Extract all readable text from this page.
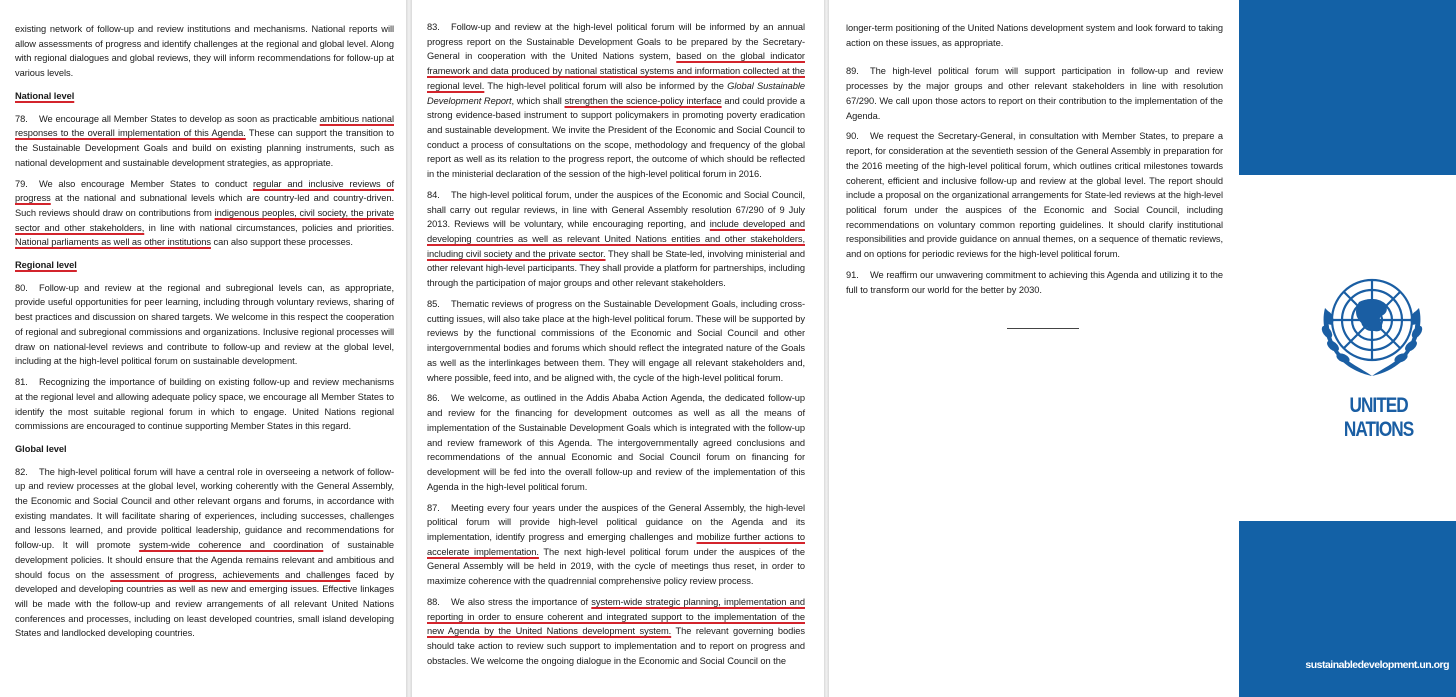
existing network of follow-up and review institutions and mechanisms. National reports will allow assessments of progress and identify challenges at the regional and global level. Along with regional dialogues and global reviews, they will inform recommendations for follow-up at various levels.

National level

78. We encourage all Member States to develop as soon as practicable ambitious national responses to the overall implementation of this Agenda. These can support the transition to the Sustainable Development Goals and build on existing planning instruments, such as national development and sustainable development strategies, as appropriate.

79. We also encourage Member States to conduct regular and inclusive reviews of progress at the national and subnational levels which are country-led and country-driven. Such reviews should draw on contributions from indigenous peoples, civil society, the private sector and other stakeholders, in line with national circumstances, policies and priorities. National parliaments as well as other institutions can also support these processes.

Regional level

80. Follow-up and review at the regional and subregional levels can, as appropriate, provide useful opportunities for peer learning, including through voluntary reviews, sharing of best practices and discussion on shared targets. We welcome in this respect the cooperation of regional and subregional commissions and organizations. Inclusive regional processes will draw on national-level reviews and contribute to follow-up and review at the global level, including at the high-level political forum on sustainable development.

81. Recognizing the importance of building on existing follow-up and review mechanisms at the regional level and allowing adequate policy space, we encourage all Member States to identify the most suitable regional forum in which to engage. United Nations regional commissions are encouraged to continue supporting Member States in this regard.

Global level

82. The high-level political forum will have a central role in overseeing a network of follow-up and review processes at the global level, working coherently with the General Assembly, the Economic and Social Council and other relevant organs and forums, in accordance with existing mandates. It will facilitate sharing of experiences, including successes, challenges and lessons learned, and provide political leadership, guidance and recommendations for follow-up. It will promote system-wide coherence and coordination of sustainable development policies. It should ensure that the Agenda remains relevant and ambitious and should focus on the assessment of progress, achievements and challenges faced by developed and developing countries as well as new and emerging issues. Effective linkages will be made with the follow-up and review arrangements of all relevant United Nations conferences and processes, including on least developed countries, small island developing States and landlocked developing countries.

83. Follow-up and review at the high-level political forum will be informed by an annual progress report on the Sustainable Development Goals to be prepared by the Secretary-General in cooperation with the United Nations system, based on the global indicator framework and data produced by national statistical systems and information collected at the regional level. The high-level political forum will also be informed by the Global Sustainable Development Report, which shall strengthen the science-policy interface and could provide a strong evidence-based instrument to support policymakers in promoting poverty eradication and sustainable development. We invite the President of the Economic and Social Council to conduct a process of consultations on the scope, methodology and frequency of the global report as well as its relation to the progress report, the outcome of which should be reflected in the ministerial declaration of the session of the high-level political forum in 2016.

84. The high-level political forum, under the auspices of the Economic and Social Council, shall carry out regular reviews, in line with General Assembly resolution 67/290 of 9 July 2013. Reviews will be voluntary, while encouraging reporting, and include developed and developing countries as well as relevant United Nations entities and other stakeholders, including civil society and the private sector. They shall be State-led, involving ministerial and other relevant high-level participants. They shall provide a platform for partnerships, including through the participation of major groups and other relevant stakeholders.

85. Thematic reviews of progress on the Sustainable Development Goals, including cross-cutting issues, will also take place at the high-level political forum. These will be supported by reviews by the functional commissions of the Economic and Social Council and other intergovernmental bodies and forums which should reflect the integrated nature of the Goals as well as the interlinkages between them. They will engage all relevant stakeholders and, where possible, feed into, and be aligned with, the cycle of the high-level political forum.

86. We welcome, as outlined in the Addis Ababa Action Agenda, the dedicated follow-up and review for the financing for development outcomes as well as all the means of implementation of the Sustainable Development Goals which is integrated with the follow-up and review framework of this Agenda. The intergovernmentally agreed conclusions and recommendations of the annual Economic and Social Council forum on financing for development will be fed into the overall follow-up and review of the implementation of this Agenda in the high-level political forum.

87. Meeting every four years under the auspices of the General Assembly, the high-level political forum will provide high-level political guidance on the Agenda and its implementation, identify progress and emerging challenges and mobilize further actions to accelerate implementation. The next high-level political forum under the auspices of the General Assembly will be held in 2019, with the cycle of meetings thus reset, in order to maximize coherence with the quadrennial comprehensive policy review process.

88. We also stress the importance of system-wide strategic planning, implementation and reporting in order to ensure coherent and integrated support to the implementation of the new Agenda by the United Nations development system. The relevant governing bodies should take action to review such support to implementation and to report on progress and obstacles. We welcome the ongoing dialogue in the Economic and Social Council on the

longer-term positioning of the United Nations development system and look forward to taking action on these issues, as appropriate.

89. The high-level political forum will support participation in follow-up and review processes by the major groups and other relevant stakeholders in line with resolution 67/290. We call upon those actors to report on their contribution to the implementation of the Agenda.

90. We request the Secretary-General, in consultation with Member States, to prepare a report, for consideration at the seventieth session of the General Assembly in preparation for the 2016 meeting of the high-level political forum, which outlines critical milestones towards coherent, efficient and inclusive follow-up and review at the global level. The report should include a proposal on the organizational arrangements for State-led reviews at the high-level political forum under the auspices of the Economic and Social Council, including recommendations on voluntary common reporting guidelines. It should clarify institutional responsibilities and provide guidance on annual themes, on a sequence of thematic reviews, and on options for periodic reviews for the high-level political forum.

91. We reaffirm our unwavering commitment to achieving this Agenda and utilizing it to the full to transform our world for the better by 2030.

UNITED NATIONS
sustainabledevelopment.un.org
